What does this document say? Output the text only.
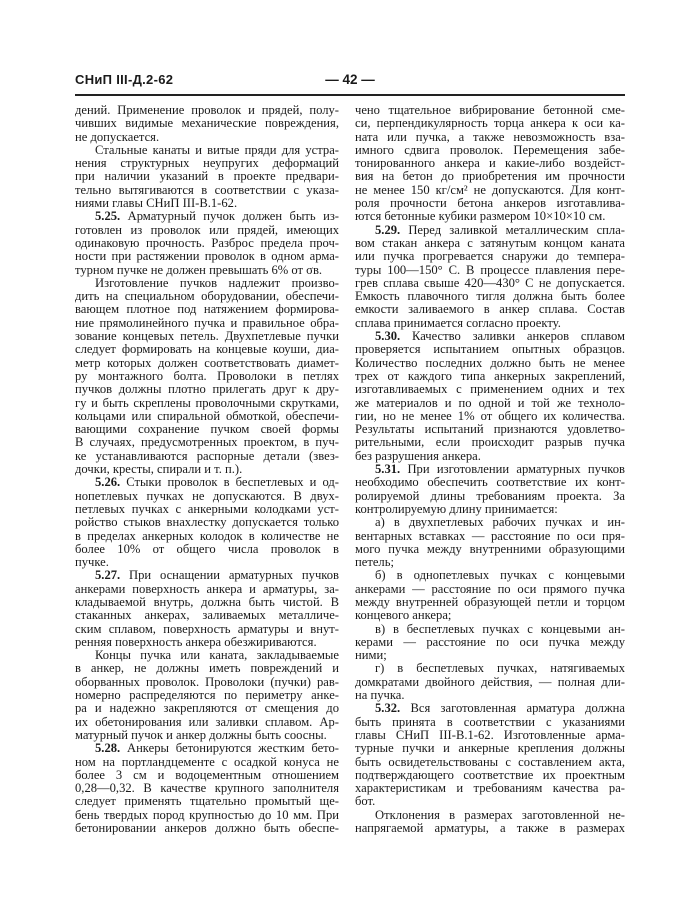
СНиП III-Д.2-62	— 42 —
дений. Применение проволок и прядей, полу-
чивших видимые механические повреждения,
не допускается.
Стальные канаты и витые пряди для устра-
нения структурных неупругих деформаций
при наличии указаний в проекте предвари-
тельно вытягиваются в соответствии с указа-
ниями главы СНиП III-В.1-62.
5.25. Арматурный пучок должен быть из-
готовлен из проволок или прядей, имеющих
одинаковую прочность. Разброс предела проч-
ности при растяжении проволок в одном арма-
турном пучке не должен превышать 6% от σв.
Изготовление пучков надлежит произво-
дить на специальном оборудовании, обеспечи-
вающем плотное под натяжением формирова-
ние прямолинейного пучка и правильное обра-
зование концевых петель. Двухпетлевые пучки
следует формировать на концевые коуши, диа-
метр которых должен соответствовать диамет-
ру монтажного болта. Проволоки в петлях
пучков должны плотно прилегать друг к дру-
гу и быть скреплены проволочными скрутками,
кольцами или спиральной обмоткой, обеспечи-
вающими сохранение пучком своей формы
В случаях, предусмотренных проектом, в пуч-
ке устанавливаются распорные детали (звез-
дочки, кресты, спирали и т. п.).
5.26. Стыки проволок в беспетлевых и од-
нопетлевых пучках не допускаются. В двух-
петлевых пучках с анкерными колодками уст-
ройство стыков внахлестку допускается только
в пределах анкерных колодок в количестве не
более 10% от общего числа проволок в
пучке.
5.27. При оснащении арматурных пучков
анкерами поверхность анкера и арматуры, за-
кладываемой внутрь, должна быть чистой. В
стаканных анкерах, заливаемых металличе-
ским сплавом, поверхность арматуры и внут-
ренняя поверхность анкера обезжириваются.
Концы пучка или каната, закладываемые
в анкер, не должны иметь повреждений и
оборванных проволок. Проволоки (пучки) рав-
номерно распределяются по периметру анке-
ра и надежно закрепляются от смещения до
их обетонирования или заливки сплавом. Ар-
матурный пучок и анкер должны быть соосны.
5.28. Анкеры бетонируются жестким бето-
ном на портландцементе с осадкой конуса не
более 3 см и водоцементным отношением
0,28—0,32. В качестве крупного заполнителя
следует применять тщательно промытый ще-
бень твердых пород крупностью до 10 мм. При
бетонировании анкеров должно быть обеспе-
чено тщательное вибрирование бетонной сме-
си, перпендикулярность торца анкера к оси ка-
ната или пучка, а также невозможность вза-
имного сдвига проволок. Перемещения забе-
тонированного анкера и какие-либо воздейст-
вия на бетон до приобретения им прочности
не менее 150 кг/см² не допускаются. Для конт-
роля прочности бетона анкеров изготавлива-
ются бетонные кубики размером 10×10×10 см.
5.29. Перед заливкой металлическим спла-
вом стакан анкера с затянутым концом каната
или пучка прогревается снаружи до темпера-
туры 100—150° С. В процессе плавления пере-
грев сплава свыше 420—430° С не допускается.
Емкость плавочного тигля должна быть более
емкости заливаемого в анкер сплава. Состав
сплава принимается согласно проекту.
5.30. Качество заливки анкеров сплавом
проверяется испытанием опытных образцов.
Количество последних должно быть не менее
трех от каждого типа анкерных закреплений,
изготавливаемых с применением одних и тех
же материалов и по одной и той же техноло-
гии, но не менее 1% от общего их количества.
Результаты испытаний признаются удовлетво-
рительными, если происходит разрыв пучка
без разрушения анкера.
5.31. При изготовлении арматурных пучков
необходимо обеспечить соответствие их конт-
ролируемой длины требованиям проекта. За
контролируемую длину принимается:
а) в двухпетлевых рабочих пучках и ин-
вентарных вставках — расстояние по оси пря-
мого пучка между внутренними образующими
петель;
б) в однопетлевых пучках с концевыми
анкерами — расстояние по оси прямого пучка
между внутренней образующей петли и торцом
концевого анкера;
в) в беспетлевых пучках с концевыми ан-
керами — расстояние по оси пучка между
ними;
г) в беспетлевых пучках, натягиваемых
домкратами двойного действия, — полная дли-
на пучка.
5.32. Вся заготовленная арматура должна
быть принята в соответствии с указаниями
главы СНиП III-В.1-62. Изготовленные арма-
турные пучки и анкерные крепления должны
быть освидетельствованы с составлением акта,
подтверждающего соответствие их проектным
характеристикам и требованиям качества ра-
бот.
Отклонения в размерах заготовленной не-
напрягаемой арматуры, а также в размерах
